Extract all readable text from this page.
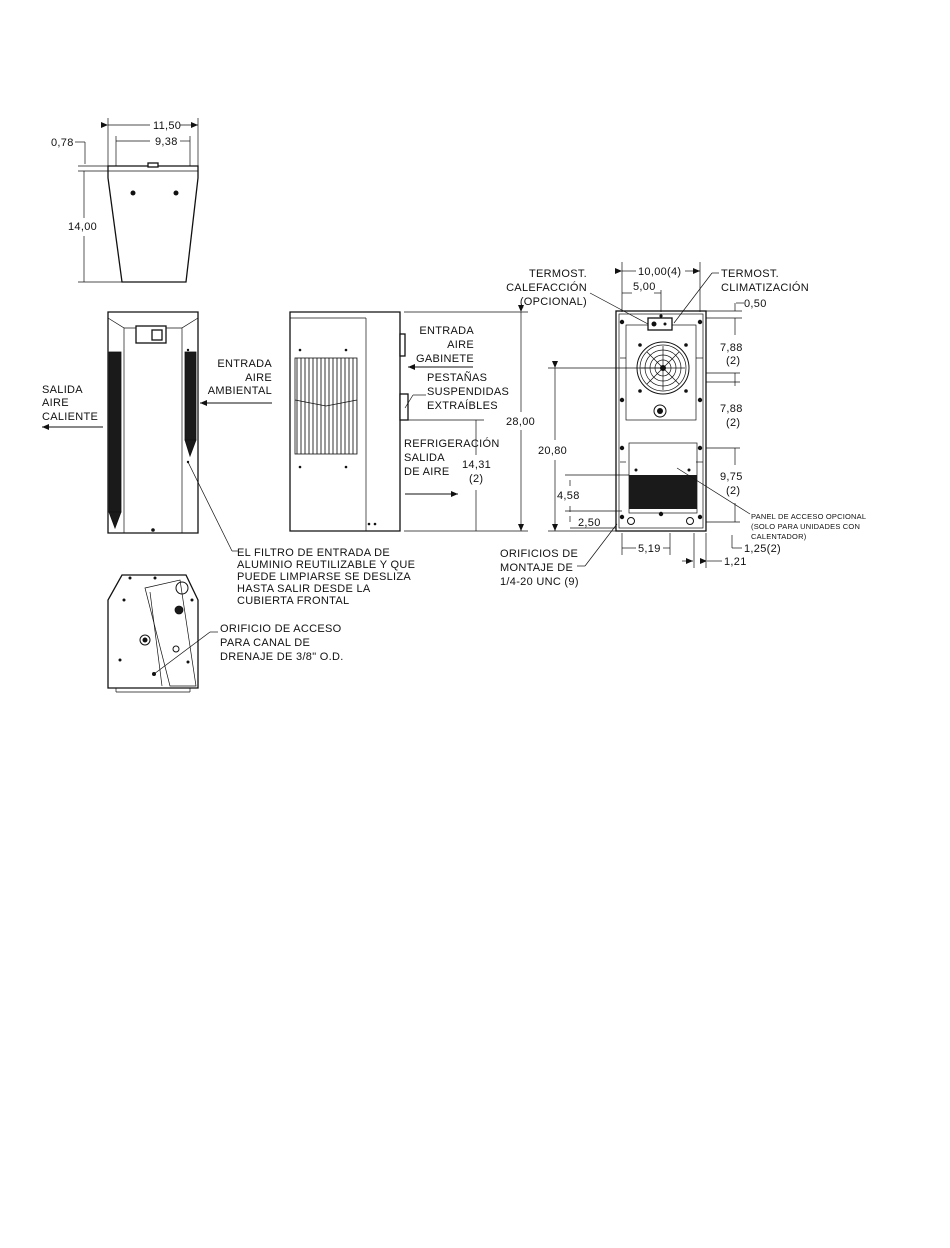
11,50
9,38
0,78
14,00
SALIDA
AIRE
CALIENTE
ENTRADA
AIRE
AMBIENTAL
EL FILTRO DE ENTRADA DE
ALUMINIO REUTILIZABLE Y QUE
PUEDE LIMPIARSE SE DESLIZA
HASTA SALIR DESDE LA
CUBIERTA FRONTAL
28,00
14,31
(2)
ENTRADA
AIRE
GABINETE
PESTAÑAS
SUSPENDIDAS
EXTRAÍBLES
REFRIGERACIÓN
SALIDA
DE AIRE
10,00(4)
5,00
0,50
7,88
(2)
7,88
(2)
9,75
(2)
20,80
4,58
2,50
5,19	1,25(2)
1,21
TERMOST.
CALEFACCIÓN
(OPCIONAL)
TERMOST.
CLIMATIZACIÓN
PANEL DE ACCESO OPCIONAL
(SOLO PARA UNIDADES CON
CALENTADOR)
ORIFICIOS DE
MONTAJE DE
1/4-20 UNC (9)
ORIFICIO DE ACCESO
PARA CANAL DE
DRENAJE DE 3/8" O.D.
